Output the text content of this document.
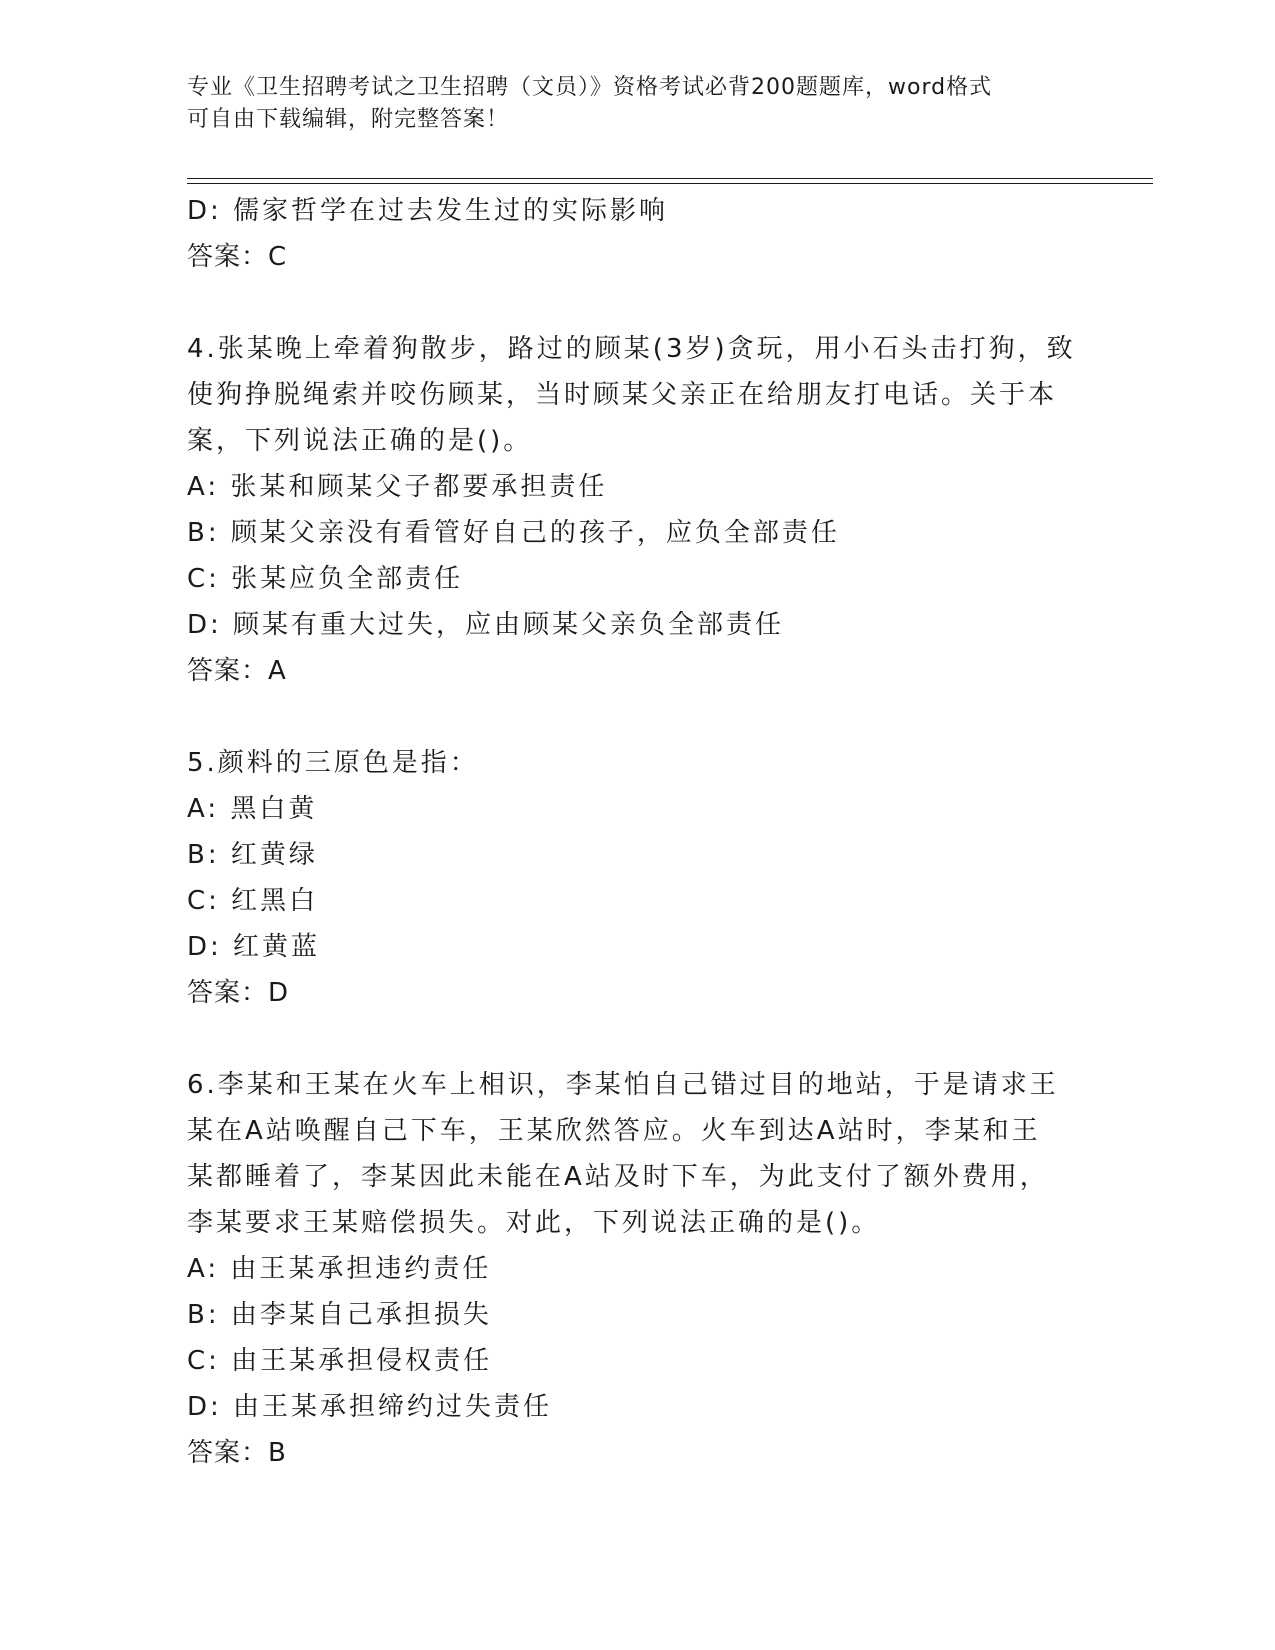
专业《卫生招聘考试之卫生招聘（文员）》资格考试必背200题题库，word格式
可自由下载编辑，附完整答案！
D: 儒家哲学在过去发生过的实际影响
答案：C
4.张某晚上牵着狗散步，路过的顾某(3岁)贪玩，用小石头击打狗，致
使狗挣脱绳索并咬伤顾某，当时顾某父亲正在给朋友打电话。关于本
案，下列说法正确的是()。
A: 张某和顾某父子都要承担责任
B: 顾某父亲没有看管好自己的孩子，应负全部责任
C: 张某应负全部责任
D: 顾某有重大过失，应由顾某父亲负全部责任
答案：A
5.颜料的三原色是指：
A: 黑白黄
B: 红黄绿
C: 红黑白
D: 红黄蓝
答案：D
6.李某和王某在火车上相识，李某怕自己错过目的地站，于是请求王
某在A站唤醒自己下车，王某欣然答应。火车到达A站时，李某和王
某都睡着了，李某因此未能在A站及时下车，为此支付了额外费用，
李某要求王某赔偿损失。对此，下列说法正确的是()。
A: 由王某承担违约责任
B: 由李某自己承担损失
C: 由王某承担侵权责任
D: 由王某承担缔约过失责任
答案：B
